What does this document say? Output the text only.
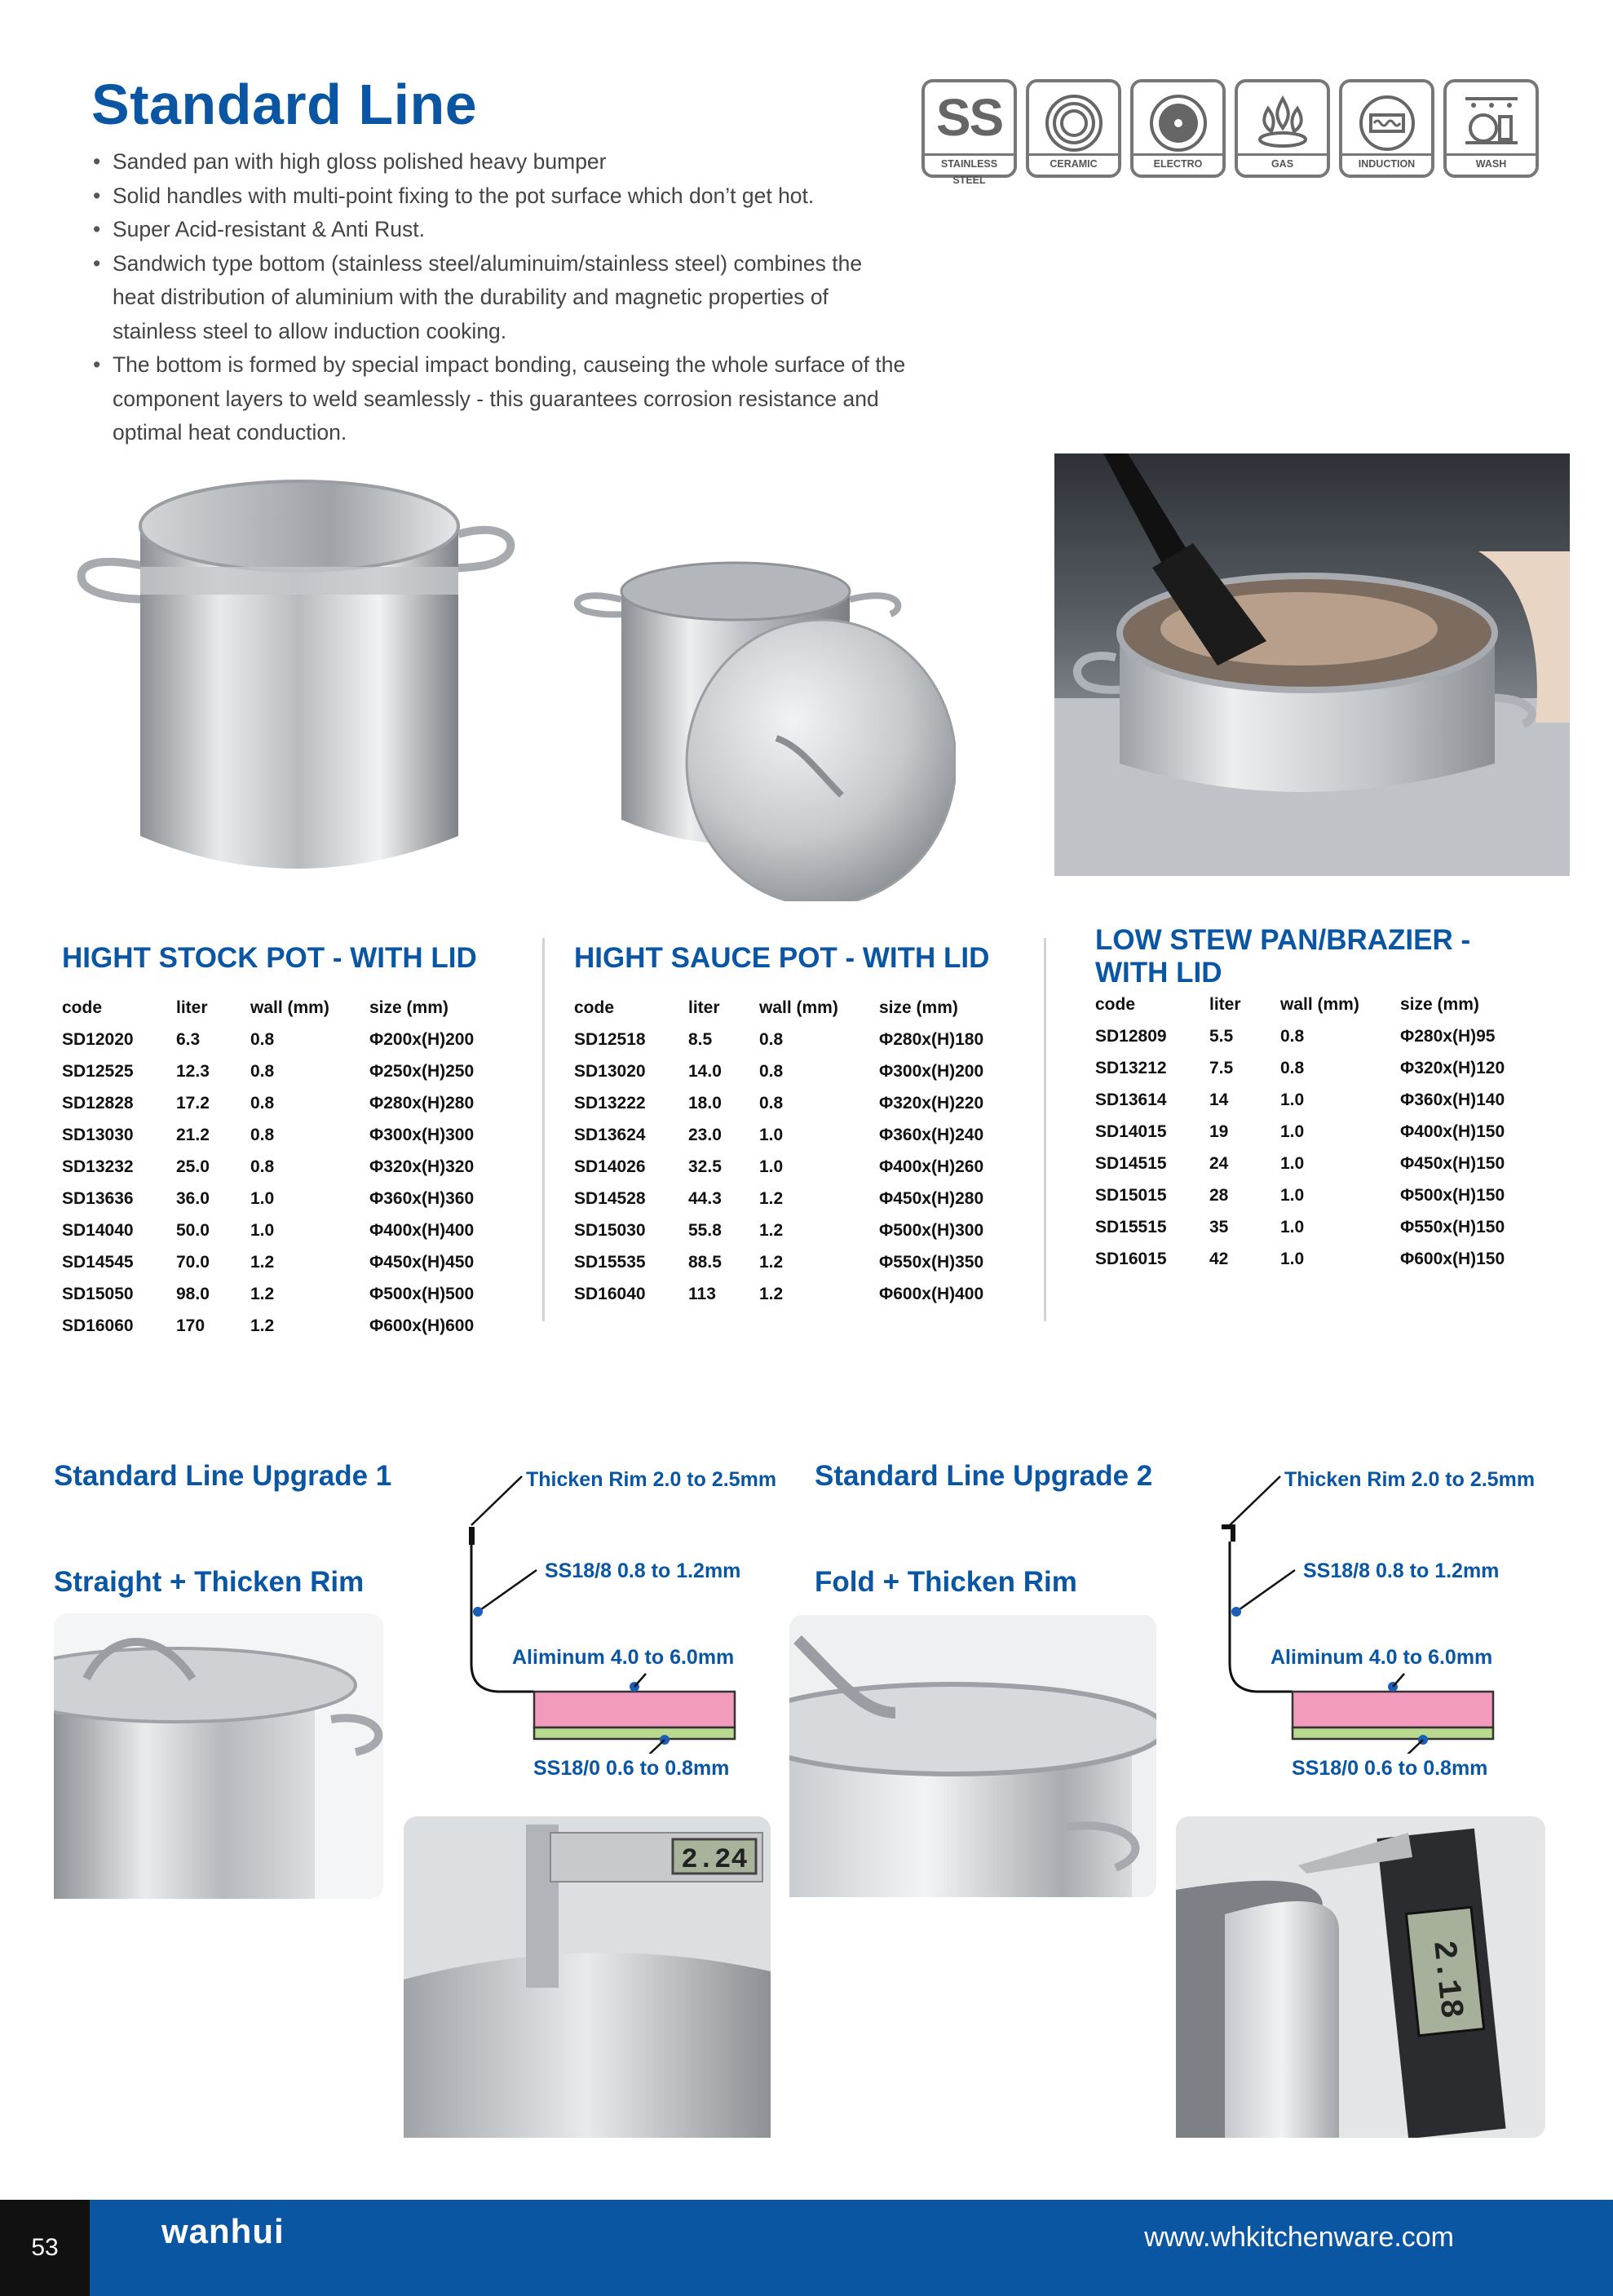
Standard Line
• Sanded pan with high gloss polished heavy bumper
• Solid handles with multi-point fixing to the pot surface which don’t get hot.
• Super Acid-resistant & Anti Rust.
• Sandwich type bottom (stainless steel/aluminuim/stainless steel) combines the heat distribution of aluminium with the durability and magnetic properties of stainless steel to allow induction cooking.
• The bottom is formed by special impact bonding, causeing the whole surface of the component layers to weld seamlessly - this guarantees corrosion resistance and optimal heat conduction.
SS
STAINLESS STEEL
CERAMIC	ELECTRO	GAS	INDUCTION	WASH
HIGHT STOCK POT - WITH LID
code	liter	wall (mm)	size (mm)
SD12020	6.3	0.8	Φ200x(H)200
SD12525	12.3	0.8	Φ250x(H)250
SD12828	17.2	0.8	Φ280x(H)280
SD13030	21.2	0.8	Φ300x(H)300
SD13232	25.0	0.8	Φ320x(H)320
SD13636	36.0	1.0	Φ360x(H)360
SD14040	50.0	1.0	Φ400x(H)400
SD14545	70.0	1.2	Φ450x(H)450
SD15050	98.0	1.2	Φ500x(H)500
SD16060	170	1.2	Φ600x(H)600
HIGHT SAUCE POT - WITH LID
code	liter	wall (mm)	size (mm)
SD12518	8.5	0.8	Φ280x(H)180
SD13020	14.0	0.8	Φ300x(H)200
SD13222	18.0	0.8	Φ320x(H)220
SD13624	23.0	1.0	Φ360x(H)240
SD14026	32.5	1.0	Φ400x(H)260
SD14528	44.3	1.2	Φ450x(H)280
SD15030	55.8	1.2	Φ500x(H)300
SD15535	88.5	1.2	Φ550x(H)350
SD16040	113	1.2	Φ600x(H)400
LOW STEW PAN/BRAZIER -
WITH LID
code	liter	wall (mm)	size (mm)
SD12809	5.5	0.8	Φ280x(H)95
SD13212	7.5	0.8	Φ320x(H)120
SD13614	14	1.0	Φ360x(H)140
SD14015	19	1.0	Φ400x(H)150
SD14515	24	1.0	Φ450x(H)150
SD15015	28	1.0	Φ500x(H)150
SD15515	35	1.0	Φ550x(H)150
SD16015	42	1.0	Φ600x(H)150
Standard Line Upgrade 1
Straight + Thicken Rim
Thicken Rim 2.0 to 2.5mm
SS18/8 0.8 to 1.2mm
Aliminum 4.0 to 6.0mm
SS18/0 0.6 to 0.8mm
2.24
Standard Line Upgrade 2
Fold + Thicken Rim
Thicken Rim 2.0 to 2.5mm
SS18/8 0.8 to 1.2mm
Aliminum 4.0 to 6.0mm
SS18/0 0.6 to 0.8mm
2.18
53	wanhui	www.whkitchenware.com
